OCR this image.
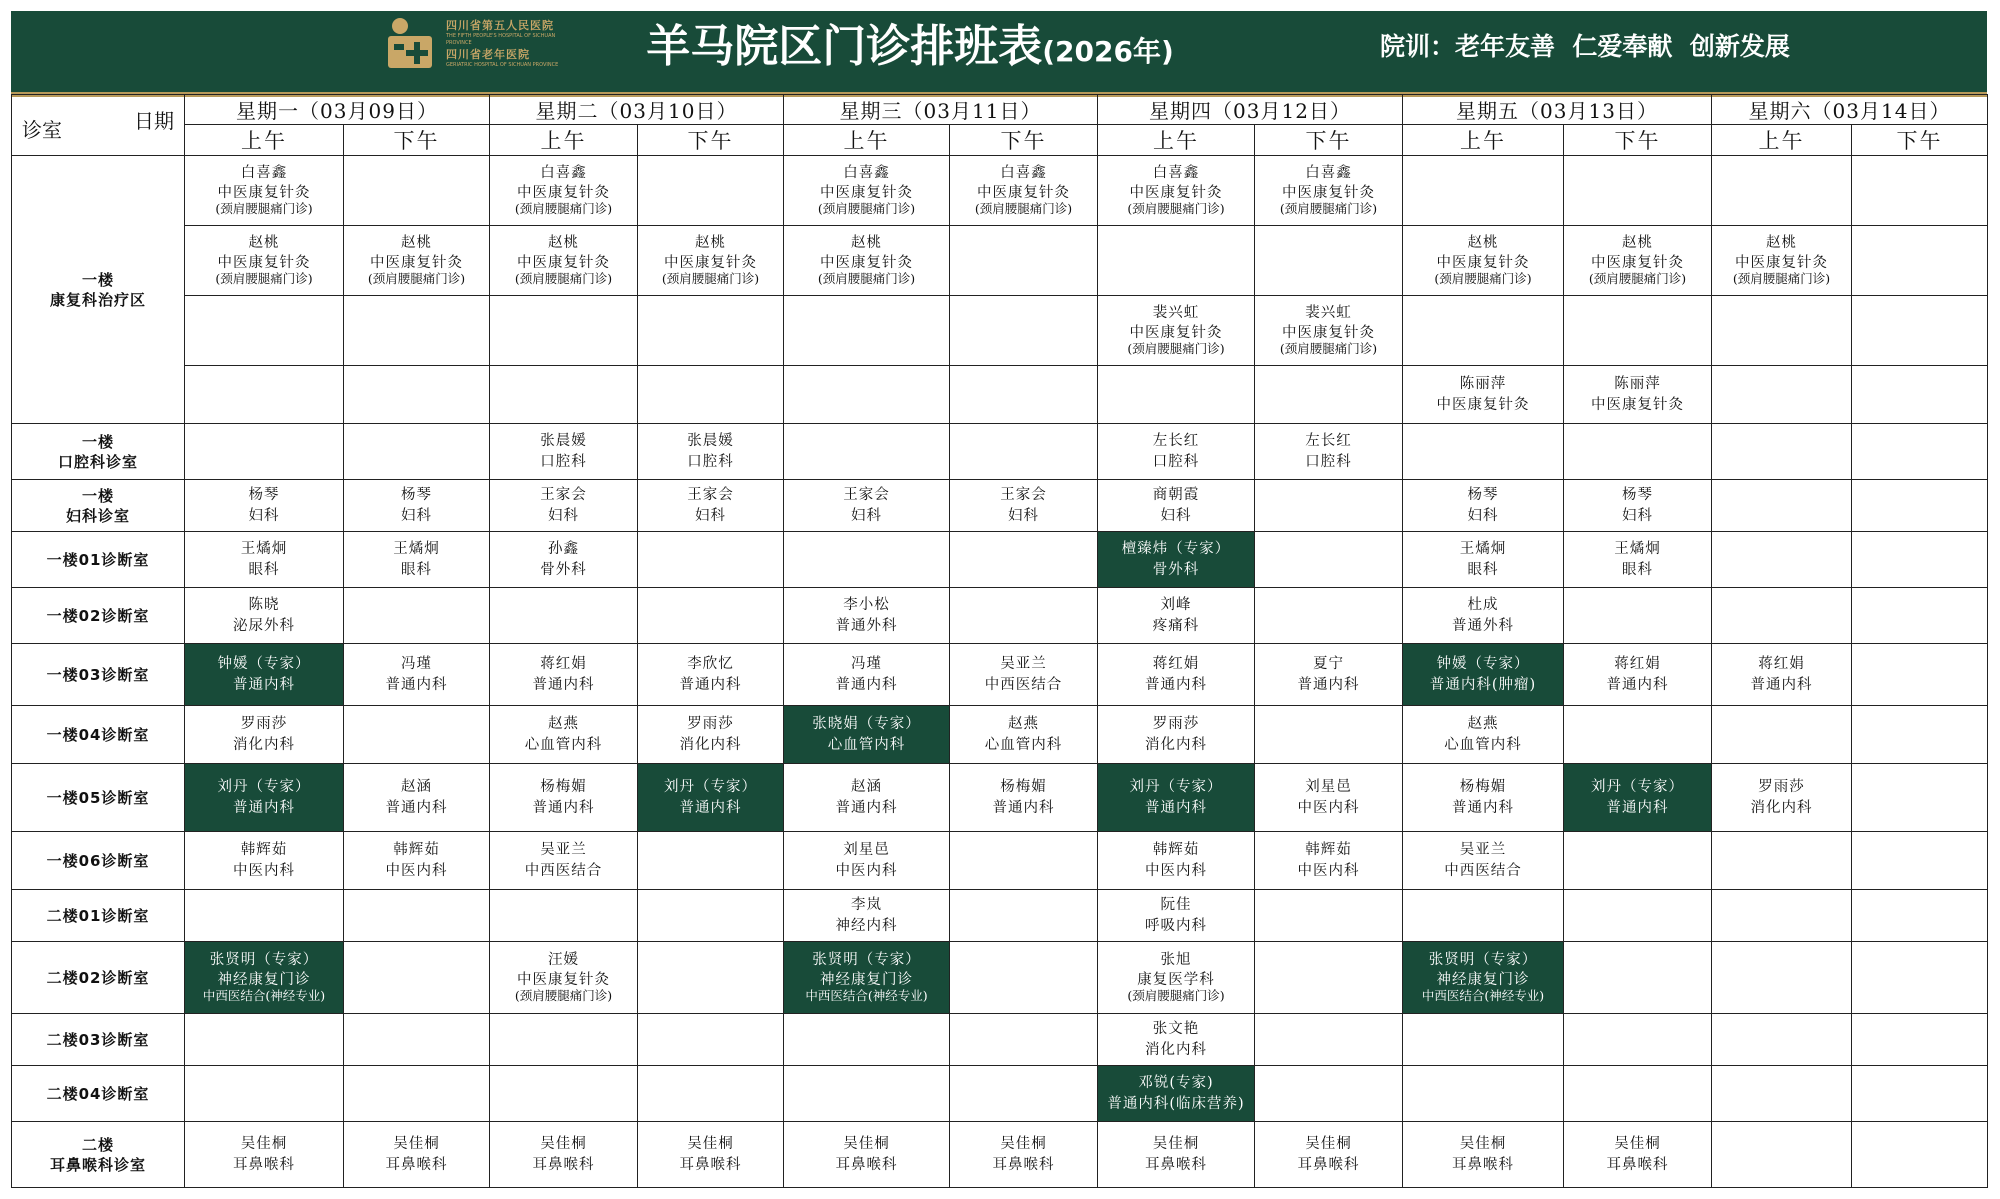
四川省第五人民医院
THE FIFTH PEOPLE'S HOSPITAL OF SICHUAN PROVINCE
四川省老年医院
GERIATRIC HOSPITAL OF SICHUAN PROVINCE	羊马院区门诊排班表(2026年)	院训：老年友善  仁爱奉献  创新发展
诊室 日期	星期一（03月09日）		星期二（03月10日）		星期三（03月11日）		星期四（03月12日）		星期五（03月13日）		星期六（03月14日）	
	上午	下午	上午	下午	上午	下午	上午	下午	上午	下午	上午	下午
一楼
康复科治疗区	白喜鑫
中医康复针灸
(颈肩腰腿痛门诊)		白喜鑫
中医康复针灸
(颈肩腰腿痛门诊)		白喜鑫
中医康复针灸
(颈肩腰腿痛门诊)	白喜鑫
中医康复针灸
(颈肩腰腿痛门诊)	白喜鑫
中医康复针灸
(颈肩腰腿痛门诊)	白喜鑫
中医康复针灸
(颈肩腰腿痛门诊)				

	赵桃
中医康复针灸
(颈肩腰腿痛门诊)	赵桃
中医康复针灸
(颈肩腰腿痛门诊)	赵桃
中医康复针灸
(颈肩腰腿痛门诊)	赵桃
中医康复针灸
(颈肩腰腿痛门诊)	赵桃
中医康复针灸
(颈肩腰腿痛门诊)				赵桃
中医康复针灸
(颈肩腰腿痛门诊)	赵桃
中医康复针灸
(颈肩腰腿痛门诊)	赵桃
中医康复针灸
(颈肩腰腿痛门诊)	

							裴兴虹
中医康复针灸
(颈肩腰腿痛门诊)	裴兴虹
中医康复针灸
(颈肩腰腿痛门诊)				

									陈丽萍
中医康复针灸	陈丽萍
中医康复针灸		

一楼
口腔科诊室			张晨媛
口腔科	张晨媛
口腔科			左长红
口腔科	左长红
口腔科				

一楼
妇科诊室	杨琴
妇科	杨琴
妇科	王家会
妇科	王家会
妇科	王家会
妇科	王家会
妇科	商朝霞
妇科		杨琴
妇科	杨琴
妇科		

一楼01诊断室	王燏炯
眼科	王燏炯
眼科	孙鑫
骨外科				檀臻炜（专家）
骨外科		王燏炯
眼科	王燏炯
眼科		

一楼02诊断室	陈晓
泌尿外科				李小松
普通外科		刘峰
疼痛科		杜成
普通外科			

一楼03诊断室	钟媛（专家）
普通内科	冯瑾
普通内科	蒋红娟
普通内科	李欣忆
普通内科	冯瑾
普通内科	吴亚兰
中西医结合	蒋红娟
普通内科	夏宁
普通内科	钟媛（专家）
普通内科(肿瘤)	蒋红娟
普通内科	蒋红娟
普通内科	

一楼04诊断室	罗雨莎
消化内科		赵燕
心血管内科	罗雨莎
消化内科	张晓娟（专家）
心血管内科	赵燕
心血管内科	罗雨莎
消化内科		赵燕
心血管内科			

一楼05诊断室	刘丹（专家）
普通内科	赵涵
普通内科	杨梅媚
普通内科	刘丹（专家）
普通内科	赵涵
普通内科	杨梅媚
普通内科	刘丹（专家）
普通内科	刘星邑
中医内科	杨梅媚
普通内科	刘丹（专家）
普通内科	罗雨莎
消化内科	

一楼06诊断室	韩辉茹
中医内科	韩辉茹
中医内科	吴亚兰
中西医结合		刘星邑
中医内科		韩辉茹
中医内科	韩辉茹
中医内科	吴亚兰
中西医结合			

二楼01诊断室					李岚
神经内科		阮佳
呼吸内科					

二楼02诊断室	张贤明（专家）
神经康复门诊
中西医结合(神经专业)		汪媛
中医康复针灸
(颈肩腰腿痛门诊)		张贤明（专家）
神经康复门诊
中西医结合(神经专业)		张旭
康复医学科
(颈肩腰腿痛门诊)		张贤明（专家）
神经康复门诊
中西医结合(神经专业)			

二楼03诊断室							张文艳
消化内科					

二楼04诊断室							邓锐(专家)
普通内科(临床营养)					

二楼
耳鼻喉科诊室	吴佳桐
耳鼻喉科	吴佳桐
耳鼻喉科	吴佳桐
耳鼻喉科	吴佳桐
耳鼻喉科	吴佳桐
耳鼻喉科	吴佳桐
耳鼻喉科	吴佳桐
耳鼻喉科	吴佳桐
耳鼻喉科	吴佳桐
耳鼻喉科	吴佳桐
耳鼻喉科		
